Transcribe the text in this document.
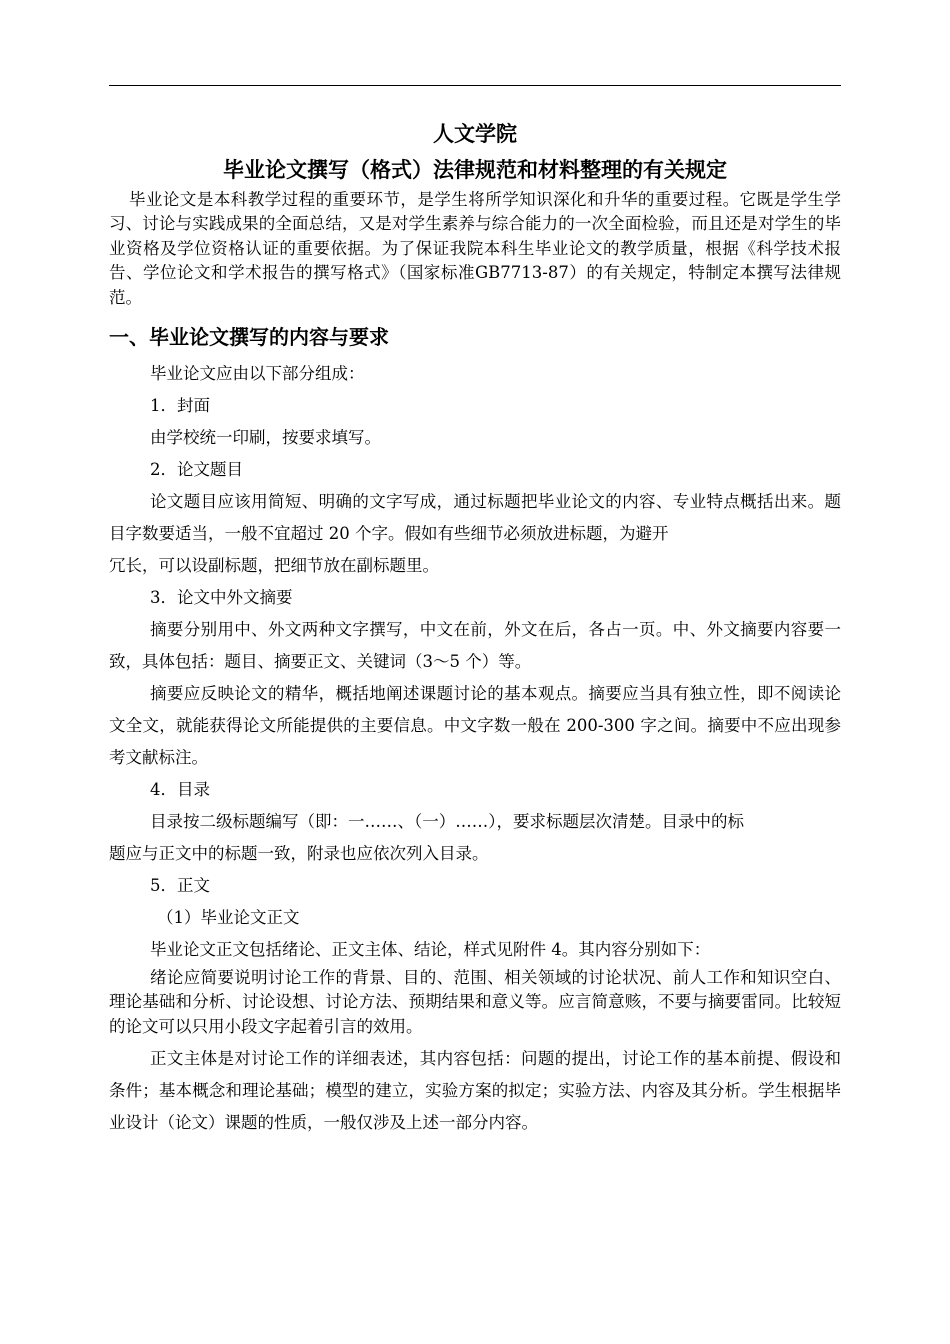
人文学院
毕业论文撰写（格式）法律规范和材料整理的有关规定

毕业论文是本科教学过程的重要环节，是学生将所学知识深化和升华的重要过程。它既是学生学习、讨论与实践成果的全面总结，又是对学生素养与综合能力的一次全面检验，而且还是对学生的毕业资格及学位资格认证的重要依据。为了保证我院本科生毕业论文的教学质量，根据《科学技术报告、学位论文和学术报告的撰写格式》（国家标准GB7713-87）的有关规定，特制定本撰写法律规范。

一、毕业论文撰写的内容与要求

毕业论文应由以下部分组成：

1．封面

由学校统一印刷，按要求填写。

2．论文题目

论文题目应该用简短、明确的文字写成，通过标题把毕业论文的内容、专业特点概括出来。题目字数要适当，一般不宜超过 20 个字。假如有些细节必须放进标题，为避开

冗长，可以设副标题，把细节放在副标题里。

3．论文中外文摘要

摘要分别用中、外文两种文字撰写，中文在前，外文在后，各占一页。中、外文摘要内容要一致，具体包括：题目、摘要正文、关键词（3～5 个）等。

摘要应反映论文的精华，概括地阐述课题讨论的基本观点。摘要应当具有独立性，即不阅读论文全文，就能获得论文所能提供的主要信息。中文字数一般在 200-300 字之间。摘要中不应出现参考文献标注。

4．目录

目录按二级标题编写（即：一……、（一）……），要求标题层次清楚。目录中的标

题应与正文中的标题一致，附录也应依次列入目录。

5．正文

（1）毕业论文正文

毕业论文正文包括绪论、正文主体、结论，样式见附件 4。其内容分别如下：

绪论应简要说明讨论工作的背景、目的、范围、相关领域的讨论状况、前人工作和知识空白、理论基础和分析、讨论设想、讨论方法、预期结果和意义等。应言简意赅，不要与摘要雷同。比较短的论文可以只用小段文字起着引言的效用。

正文主体是对讨论工作的详细表述，其内容包括：问题的提出，讨论工作的基本前提、假设和条件；基本概念和理论基础；模型的建立，实验方案的拟定；实验方法、内容及其分析。学生根据毕业设计（论文）课题的性质，一般仅涉及上述一部分内容。
